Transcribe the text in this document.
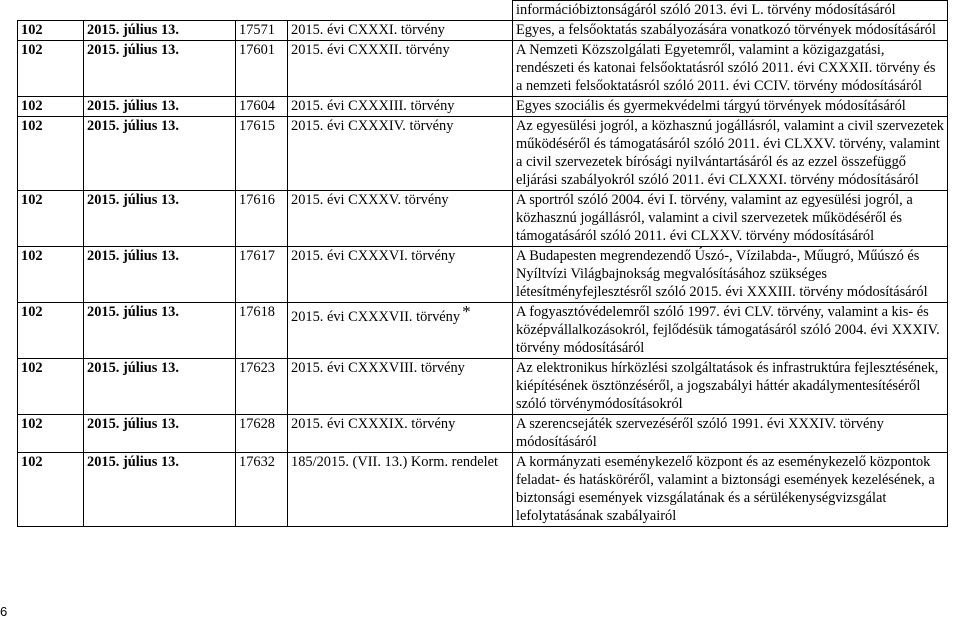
				információbiztonságáról szóló 2013. évi L. törvény módosításáról
102	2015. július 13.	17571	2015. évi CXXXI. törvény	Egyes, a felsőoktatás szabályozására vonatkozó törvények módosításáról
102	2015. július 13.	17601	2015. évi CXXXII. törvény	A Nemzeti Közszolgálati Egyetemről, valamint a közigazgatási, rendészeti és katonai felsőoktatásról szóló 2011. évi CXXXII. törvény és a nemzeti felsőoktatásról szóló 2011. évi CCIV. törvény módosításáról
102	2015. július 13.	17604	2015. évi CXXXIII. törvény	Egyes szociális és gyermekvédelmi tárgyú törvények módosításáról
102	2015. július 13.	17615	2015. évi CXXXIV. törvény	Az egyesülési jogról, a közhasznú jogállásról, valamint a civil szervezetek működéséről és támogatásáról szóló 2011. évi CLXXV. törvény, valamint a civil szervezetek bírósági nyilvántartásáról és az ezzel összefüggő eljárási szabályokról szóló 2011. évi CLXXXI. törvény módosításáról
102	2015. július 13.	17616	2015. évi CXXXV. törvény	A sportról szóló 2004. évi I. törvény, valamint az egyesülési jogról, a közhasznú jogállásról, valamint a civil szervezetek működéséről és támogatásáról szóló 2011. évi CLXXV. törvény módosításáról
102	2015. július 13.	17617	2015. évi CXXXVI. törvény	A Budapesten megrendezendő Úszó-, Vízilabda-, Műugró, Műúszó és Nyíltvízi Világbajnokság megvalósításához szükséges létesítményfejlesztésről szóló 2015. évi XXXIII. törvény módosításáról
102	2015. július 13.	17618	2015. évi CXXXVII. törvény *	A fogyasztóvédelemről szóló 1997. évi CLV. törvény, valamint a kis- és középvállalkozásokról, fejlődésük támogatásáról szóló 2004. évi XXXIV. törvény módosításáról
102	2015. július 13.	17623	2015. évi CXXXVIII. törvény	Az elektronikus hírközlési szolgáltatások és infrastruktúra fejlesztésének, kiépítésének ösztönzéséről, a jogszabályi háttér akadálymentesítéséről szóló törvénymódosításokról
102	2015. július 13.	17628	2015. évi CXXXIX. törvény	A szerencsejáték szervezéséről szóló 1991. évi XXXIV. törvény módosításáról
102	2015. július 13.	17632	185/2015. (VII. 13.) Korm. rendelet	A kormányzati eseménykezelő központ és az eseménykezelő központok feladat- és hatásköréről, valamint a biztonsági események kezelésének, a biztonsági események vizsgálatának és a sérülékenységvizsgálat lefolytatásának szabályairól
6
